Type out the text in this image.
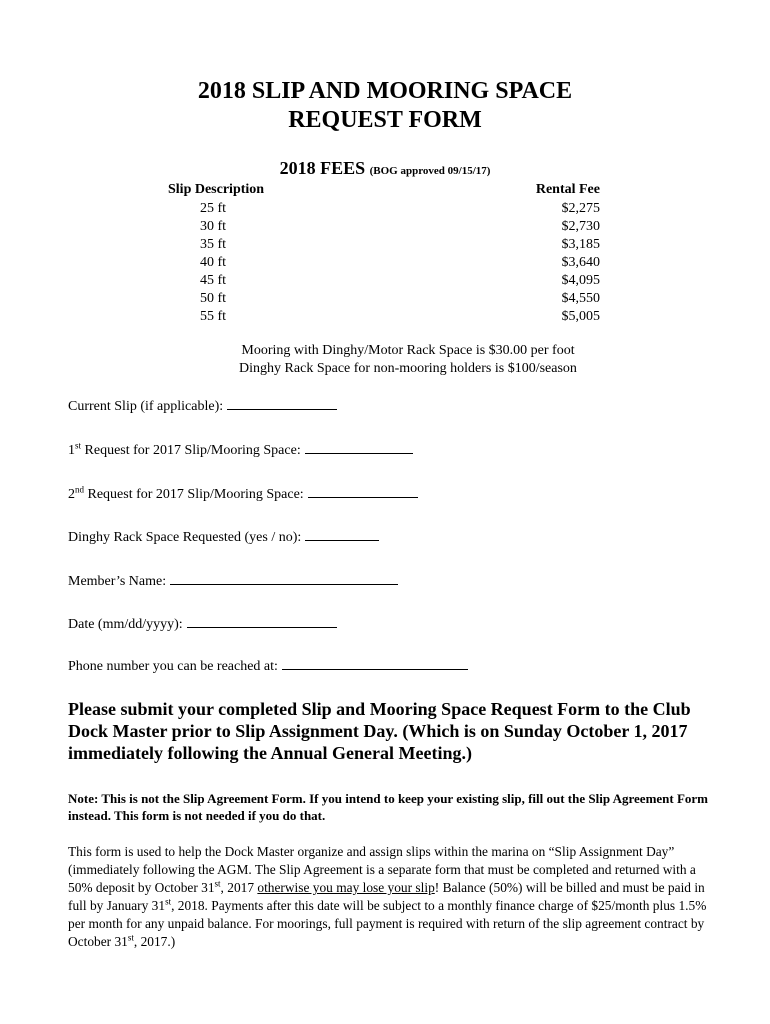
2018 SLIP AND MOORING SPACE
REQUEST FORM
2018 FEES (BOG approved 09/15/17)
Slip Description	Rental Fee
25 ft	$2,275
30 ft	$2,730
35 ft	$3,185
40 ft	$3,640
45 ft	$4,095
50 ft	$4,550
55 ft	$5,005
Mooring with Dinghy/Motor Rack Space is $30.00 per foot
Dinghy Rack Space for non-mooring holders is $100/season
Current Slip (if applicable):
1st Request for 2017 Slip/Mooring Space:
2nd Request for 2017 Slip/Mooring Space:
Dinghy Rack Space Requested (yes / no):
Member’s Name:
Date (mm/dd/yyyy):
Phone number you can be reached at:
Please submit your completed Slip and Mooring Space Request Form to the Club Dock Master prior to Slip Assignment Day. (Which is on Sunday October 1, 2017 immediately following the Annual General Meeting.)
Note: This is not the Slip Agreement Form. If you intend to keep your existing slip, fill out the Slip Agreement Form instead. This form is not needed if you do that.
This form is used to help the Dock Master organize and assign slips within the marina on “Slip Assignment Day” (immediately following the AGM. The Slip Agreement is a separate form that must be completed and returned with a 50% deposit by October 31st, 2017 otherwise you may lose your slip! Balance (50%) will be billed and must be paid in full by January 31st, 2018. Payments after this date will be subject to a monthly finance charge of $25/month plus 1.5% per month for any unpaid balance. For moorings, full payment is required with return of the slip agreement contract by October 31st, 2017.)
